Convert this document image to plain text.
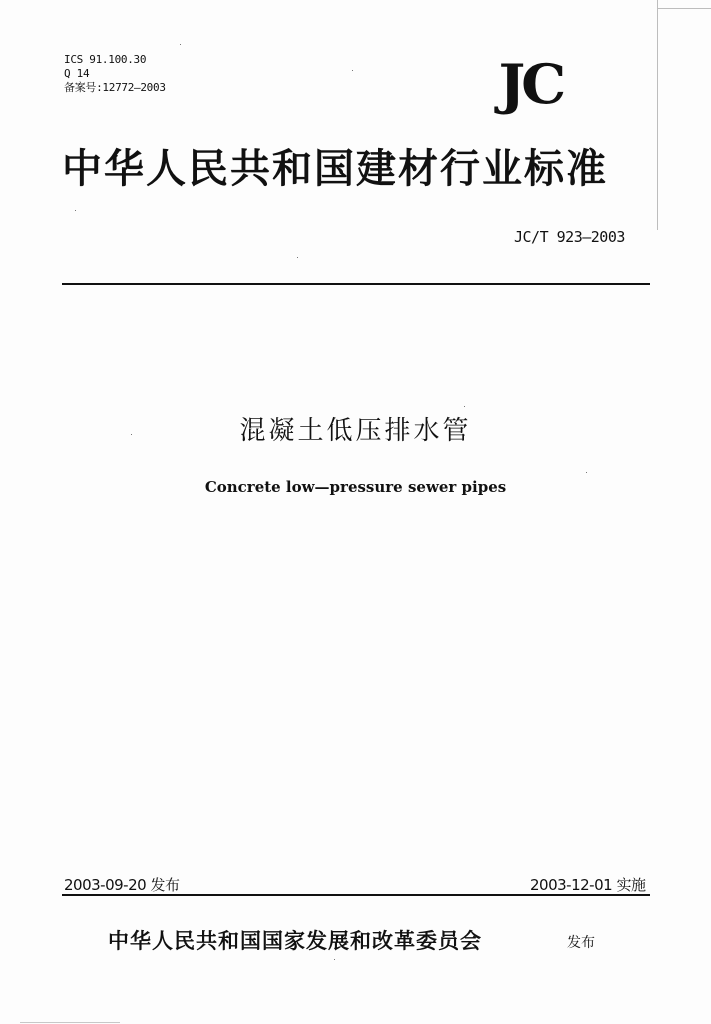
ICS 91.100.30
Q 14
备案号:12772—2003	JC
中华人民共和国建材行业标准
JC/T 923—2003
混凝土低压排水管
Concrete low—pressure sewer pipes
2003-09-20 发布	2003-12-01 实施
中华人民共和国国家发展和改革委员会	发布
